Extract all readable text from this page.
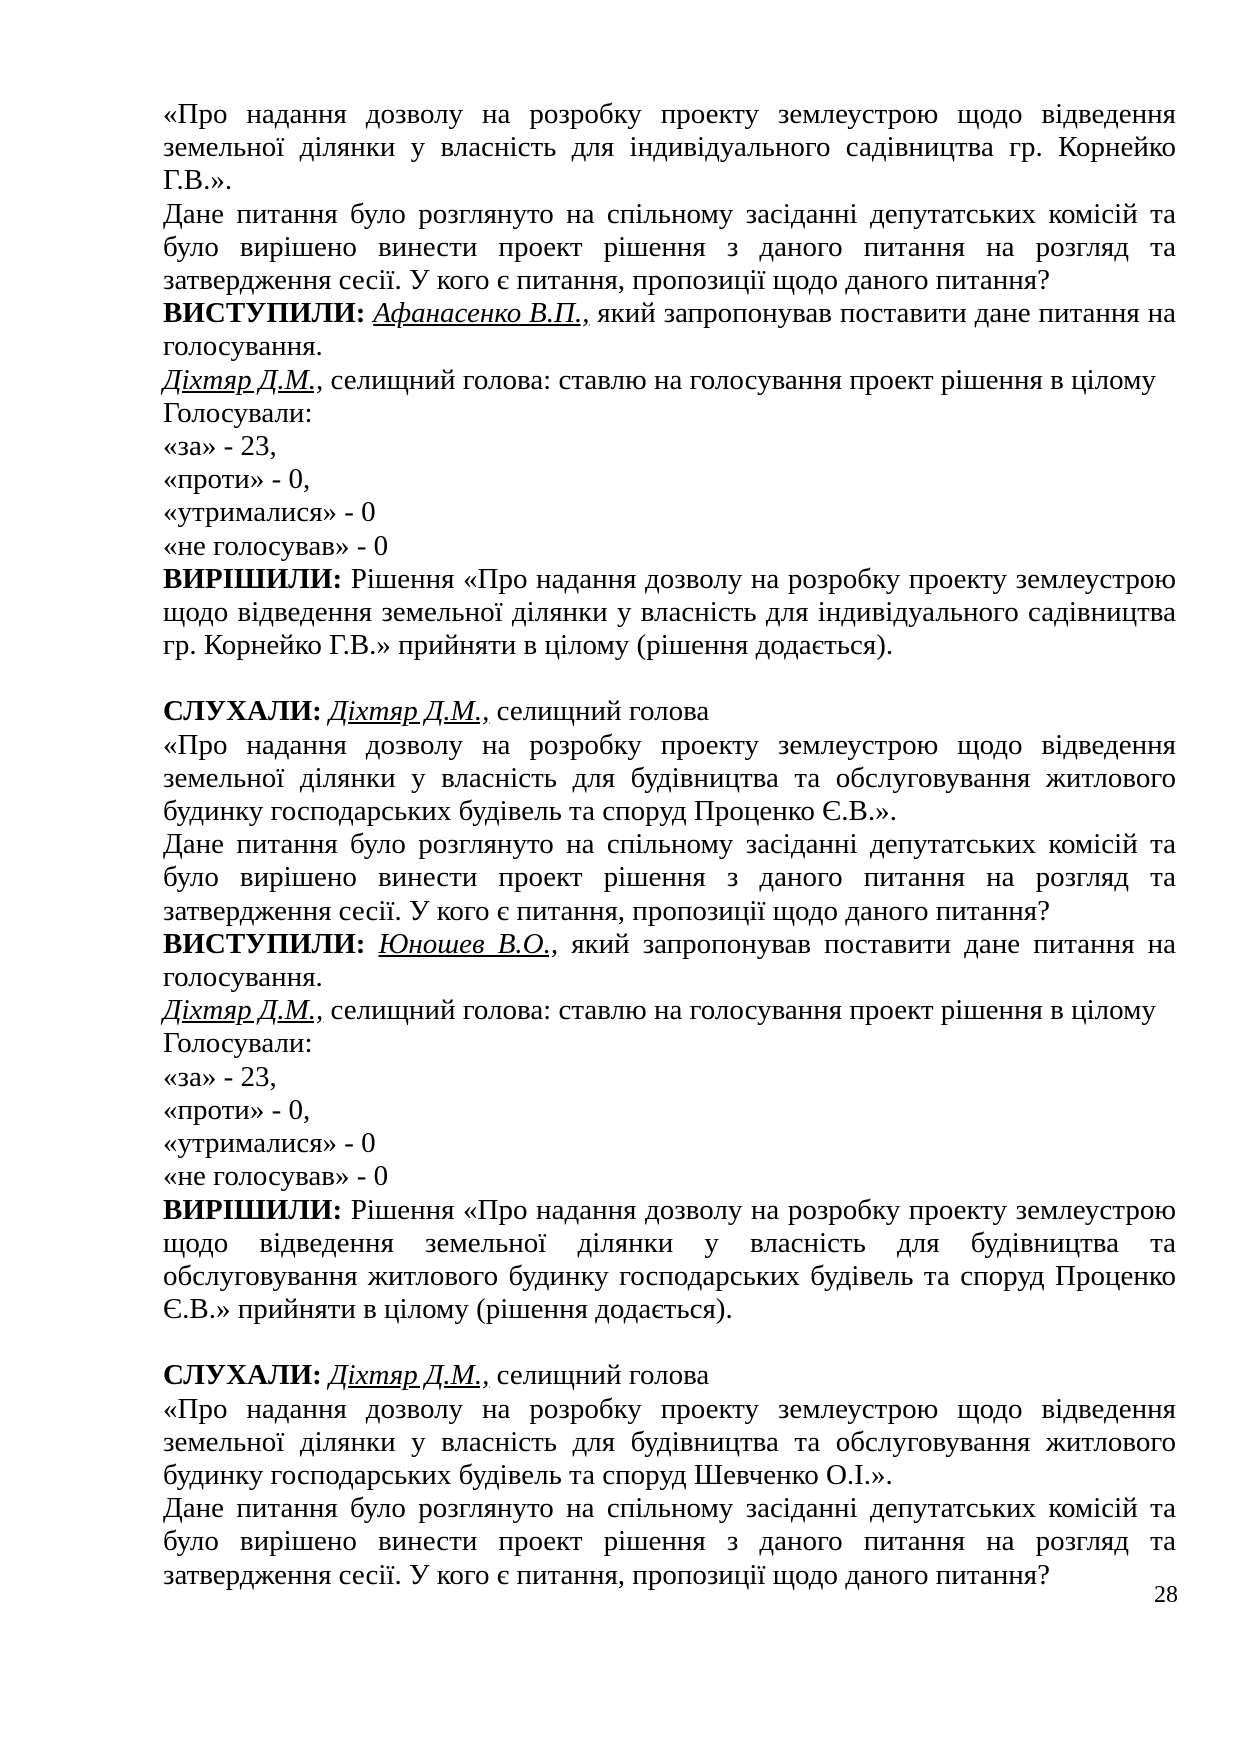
«Про надання дозволу на розробку проекту землеустрою щодо відведення земельної ділянки у власність для індивідуального садівництва гр. Корнейко Г.В.».

Дане питання було розглянуто на спільному засіданні депутатських комісій та було вирішено винести проект рішення з даного питання на розгляд та затвердження сесії. У кого є питання, пропозиції щодо даного питання?

ВИСТУПИЛИ: Афанасенко В.П., який запропонував поставити дане питання на голосування.

Діхтяр Д.М., селищний голова: ставлю на голосування проект рішення в цілому

Голосували:

«за» - 23,

«проти» - 0,

«утрималися» - 0

«не голосував» - 0

ВИРІШИЛИ: Рішення «Про надання дозволу на розробку проекту землеустрою щодо відведення земельної ділянки у власність для індивідуального садівництва гр. Корнейко Г.В.» прийняти в цілому (рішення додається).

СЛУХАЛИ: Діхтяр Д.М., селищний голова

«Про надання дозволу на розробку проекту землеустрою щодо відведення земельної ділянки у власність для будівництва та обслуговування житлового будинку господарських будівель та споруд Проценко Є.В.».

Дане питання було розглянуто на спільному засіданні депутатських комісій та було вирішено винести проект рішення з даного питання на розгляд та затвердження сесії. У кого є питання, пропозиції щодо даного питання?

ВИСТУПИЛИ: Юношев В.О., який запропонував поставити дане питання на голосування.

Діхтяр Д.М., селищний голова: ставлю на голосування проект рішення в цілому

Голосували:

«за» - 23,

«проти» - 0,

«утрималися» - 0

«не голосував» - 0

ВИРІШИЛИ: Рішення «Про надання дозволу на розробку проекту землеустрою щодо відведення земельної ділянки у власність для будівництва та обслуговування житлового будинку господарських будівель та споруд Проценко Є.В.» прийняти в цілому (рішення додається).

СЛУХАЛИ: Діхтяр Д.М., селищний голова

«Про надання дозволу на розробку проекту землеустрою щодо відведення земельної ділянки у власність для будівництва та обслуговування житлового будинку господарських будівель та споруд Шевченко О.І.».

Дане питання було розглянуто на спільному засіданні депутатських комісій та було вирішено винести проект рішення з даного питання на розгляд та затвердження сесії. У кого є питання, пропозиції щодо даного питання?

28
